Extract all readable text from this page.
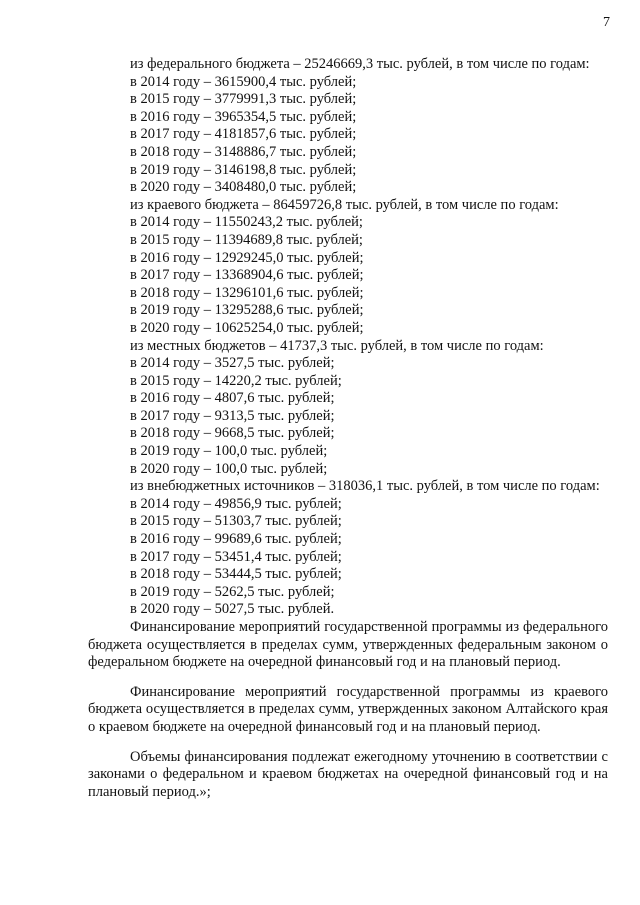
7

из федерального бюджета – 25246669,3 тыс. рублей, в том числе по годам:

в 2014 году – 3615900,4 тыс. рублей;
в 2015 году – 3779991,3 тыс. рублей;
в 2016 году – 3965354,5 тыс. рублей;
в 2017 году – 4181857,6 тыс. рублей;
в 2018 году – 3148886,7 тыс. рублей;
в 2019 году – 3146198,8 тыс. рублей;
в 2020 году – 3408480,0 тыс. рублей;

из краевого бюджета – 86459726,8 тыс. рублей, в том числе по годам:

в 2014 году – 11550243,2 тыс. рублей;
в 2015 году – 11394689,8 тыс. рублей;
в 2016 году – 12929245,0 тыс. рублей;
в 2017 году – 13368904,6 тыс. рублей;
в 2018 году – 13296101,6 тыс. рублей;
в 2019 году – 13295288,6 тыс. рублей;
в 2020 году – 10625254,0 тыс. рублей;

из местных бюджетов – 41737,3 тыс. рублей, в том числе по годам:

в 2014 году – 3527,5 тыс. рублей;
в 2015 году – 14220,2 тыс. рублей;
в 2016 году – 4807,6 тыс. рублей;
в 2017 году – 9313,5 тыс. рублей;
в 2018 году – 9668,5 тыс. рублей;
в 2019 году – 100,0 тыс. рублей;
в 2020 году – 100,0 тыс. рублей;

из внебюджетных источников – 318036,1 тыс. рублей, в том числе по годам:

в 2014 году – 49856,9 тыс. рублей;
в 2015 году – 51303,7 тыс. рублей;
в 2016 году – 99689,6 тыс. рублей;
в 2017 году – 53451,4 тыс. рублей;
в 2018 году – 53444,5 тыс. рублей;
в 2019 году – 5262,5 тыс. рублей;
в 2020 году – 5027,5 тыс. рублей.

Финансирование мероприятий государственной программы из федерального бюджета осуществляется в пределах сумм, утвержденных федеральным законом о федеральном бюджете на очередной финансовый год и на плановый период.

Финансирование мероприятий государственной программы из краевого бюджета осуществляется в пределах сумм, утвержденных законом Алтайского края о краевом бюджете на очередной финансовый год и на плановый период.

Объемы финансирования подлежат ежегодному уточнению в соответствии с законами о федеральном и краевом бюджетах на очередной финансовый год и на плановый период.»;
